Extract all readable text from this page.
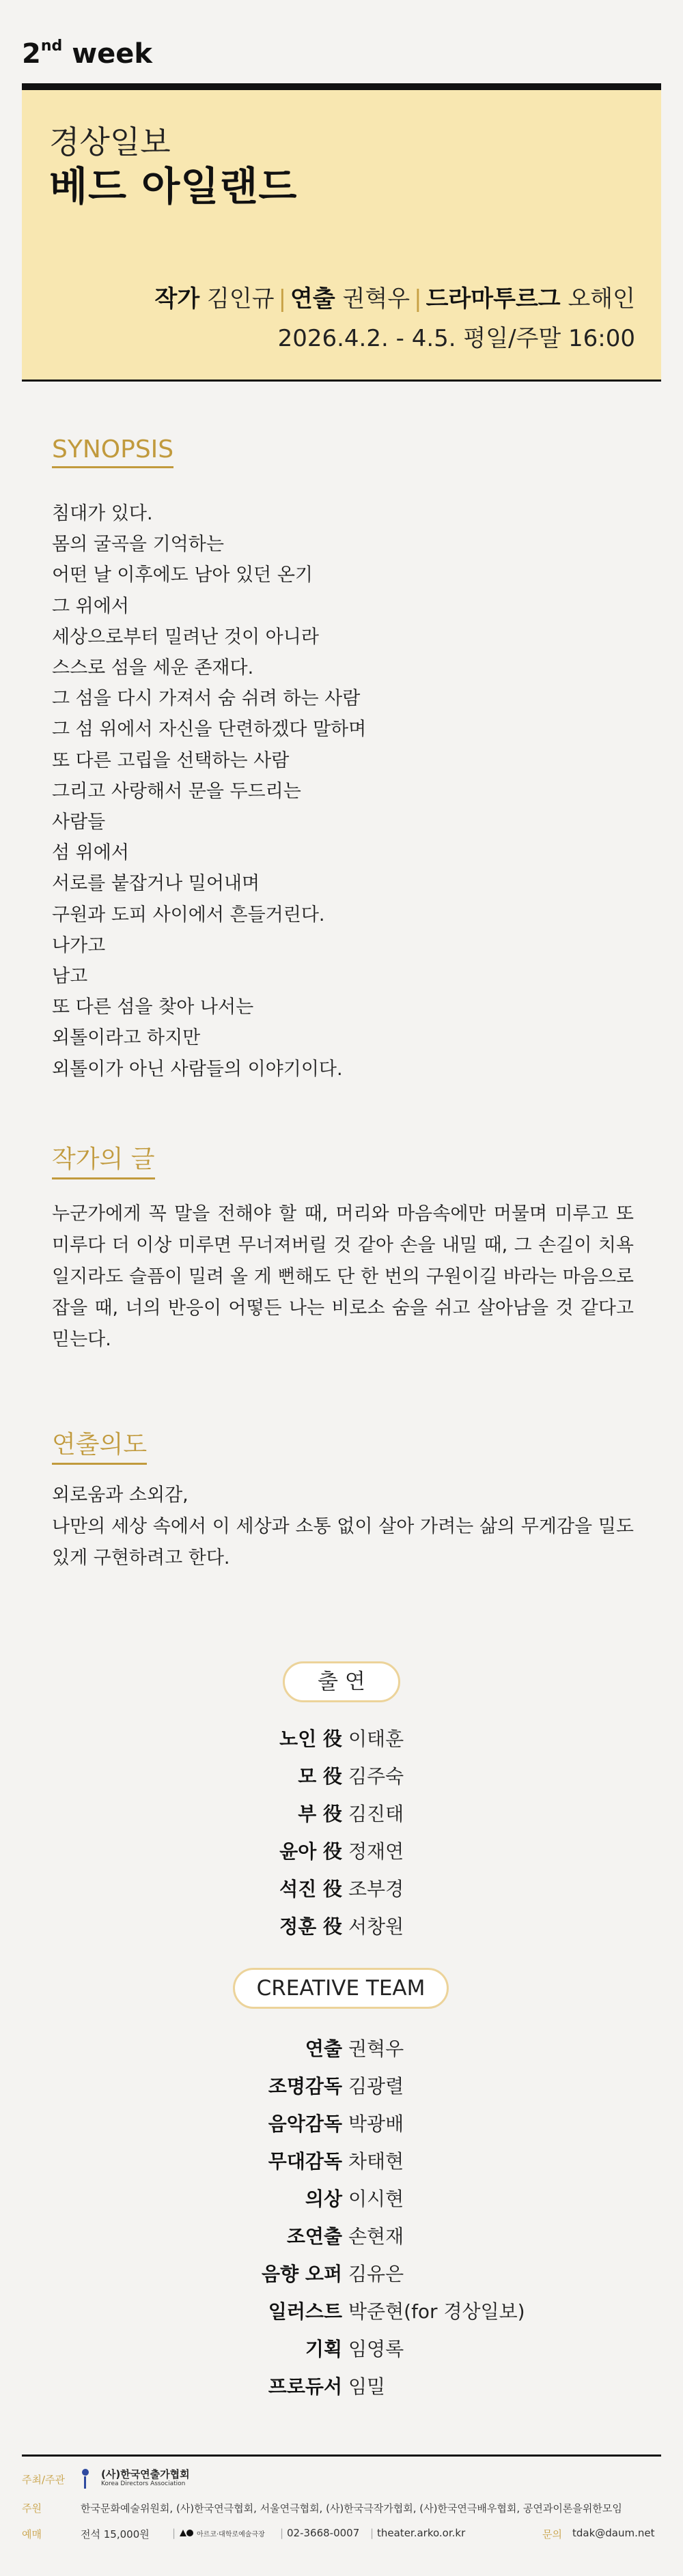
2nd week
경상일보
베드 아일랜드
작가 김인규 | 연출 권혁우 | 드라마투르그 오해인
2026.4.2. - 4.5. 평일/주말 16:00
SYNOPSIS
침대가 있다.
몸의 굴곡을 기억하는
어떤 날 이후에도 남아 있던 온기
그 위에서
세상으로부터 밀려난 것이 아니라
스스로 섬을 세운 존재다.
그 섬을 다시 가져서 숨 쉬려 하는 사람
그 섬 위에서 자신을 단련하겠다 말하며
또 다른 고립을 선택하는 사람
그리고 사랑해서 문을 두드리는
사람들
섬 위에서
서로를 붙잡거나 밀어내며
구원과 도피 사이에서 흔들거린다.
나가고
남고
또 다른 섬을 찾아 나서는
외톨이라고 하지만
외톨이가 아닌 사람들의 이야기이다.
작가의 글

누군가에게 꼭 말을 전해야 할 때, 머리와 마음속에만 머물며 미루고 또 미루다 더 이상 미루면 무너져버릴 것 같아 손을 내밀 때, 그 손길이 치욕일지라도 슬픔이 밀려 올 게 뻔해도 단 한 번의 구원이길 바라는 마음으로 잡을 때, 너의 반응이 어떻든 나는 비로소 숨을 쉬고 살아남을 것 같다고 믿는다.

연출의도

외로움과 소외감,

나만의 세상 속에서 이 세상과 소통 없이 살아 가려는 삶의 무게감을 밀도 있게 구현하려고 한다.

출 연
노인 役 이태훈
모 役 김주숙
부 役 김진태
윤아 役 정재연
석진 役 조부경
정훈 役 서창원
CREATIVE TEAM
연출 권혁우
조명감독 김광렬
음악감독 박광배
무대감독 차태현
의상 이시현
조연출 손현재
음향 오퍼 김유은
일러스트 박준현(for 경상일보)
기획 임영록
프로듀서 임밀
주최/주관	(사)한국연출가협회
Korea Directors Association
주원	한국문화예술위원회, (사)한국연극협회, 서울연극협회, (사)한국극작가협회, (사)한국연극배우협회, 공연과이론을위한모임
예매	전석 15,000원 |	아르코·대학로예술극장 | 02-3668-0007 | theater.arko.or.kr	문의 tdak@daum.net
